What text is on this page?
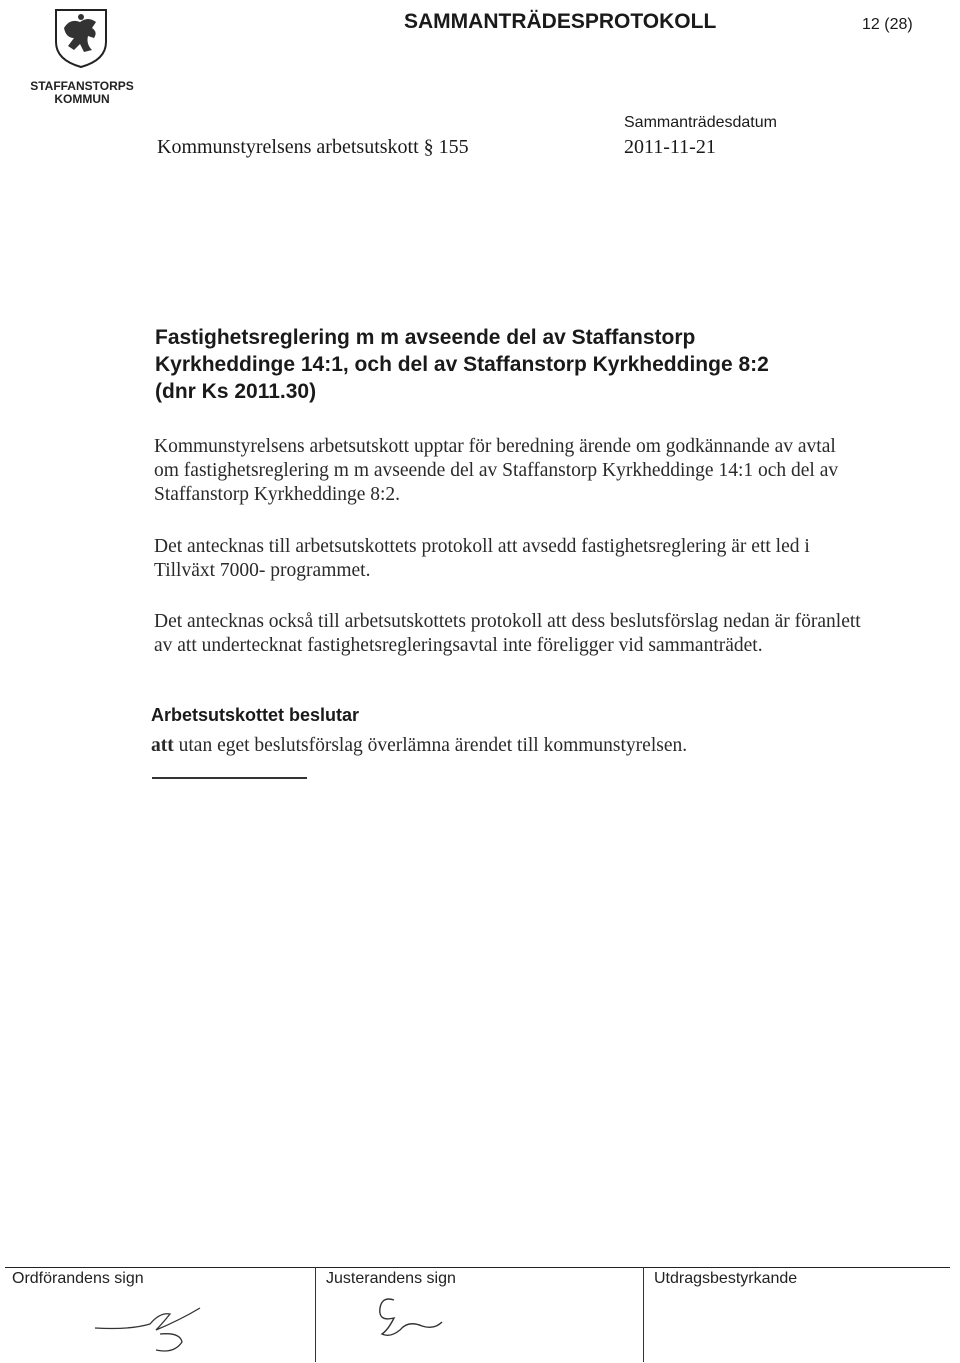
STAFFANSTORPS KOMMUN
SAMMANTRÄDESPROTOKOLL	12 (28)
Kommunstyrelsens arbetsutskott § 155
Sammanträdesdatum
2011-11-21
Fastighetsreglering m m avseende del av Staffanstorp Kyrkheddinge 14:1, och del av Staffanstorp Kyrkheddinge 8:2 (dnr Ks 2011.30)
Kommunstyrelsens arbetsutskott upptar för beredning ärende om godkännande av avtal om fastighetsreglering m m avseende del av Staffanstorp Kyrkheddinge 14:1 och del av Staffanstorp Kyrkheddinge 8:2.
Det antecknas till arbetsutskottets protokoll att avsedd fastighetsreglering är ett led i Tillväxt 7000- programmet.
Det antecknas också till arbetsutskottets protokoll att dess beslutsförslag nedan är föranlett av att undertecknat fastighetsregleringsavtal inte föreligger vid sammanträdet.
Arbetsutskottet beslutar
att utan eget beslutsförslag överlämna ärendet till kommunstyrelsen.
Ordförandens sign	Justerandens sign	Utdragsbestyrkande
